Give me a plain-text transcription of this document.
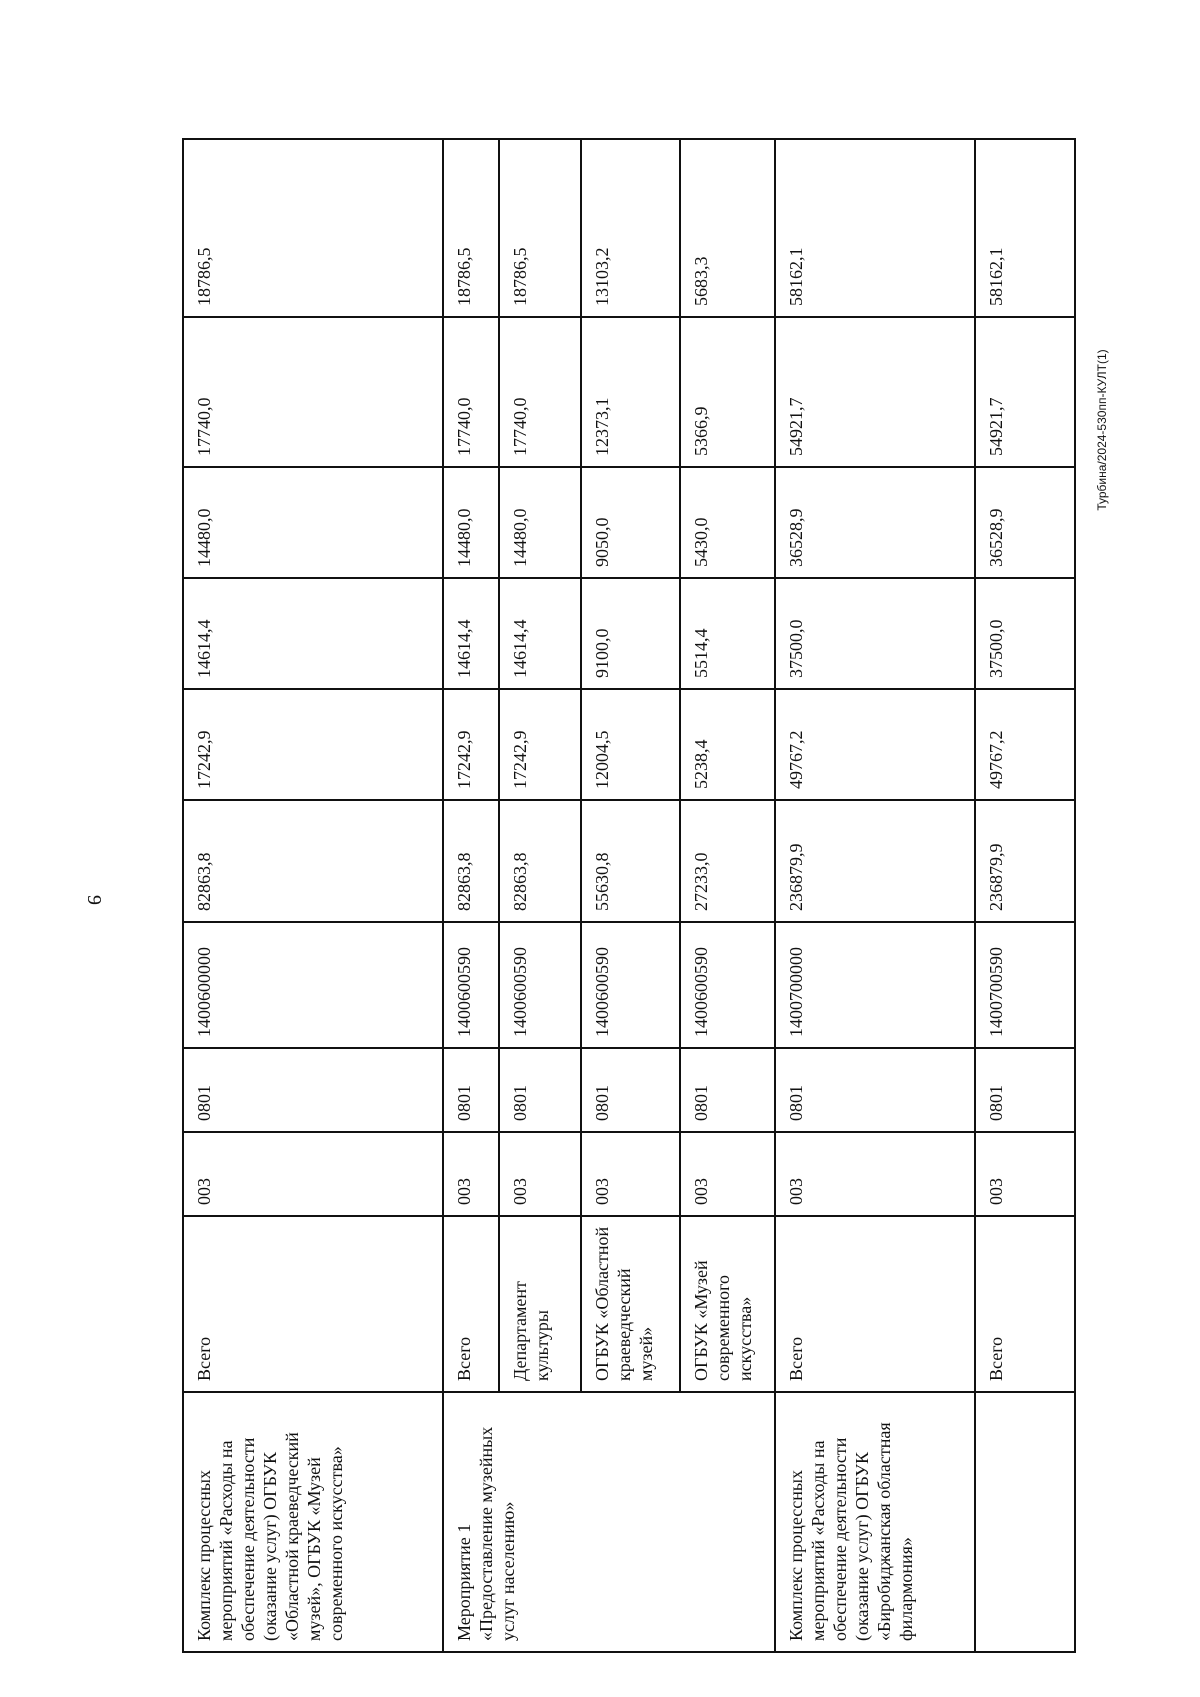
9
Комплекс процессных мероприятий «Расходы на обеспечение деятельности (оказание услуг) ОГБУК «Областной краеведческий музей», ОГБУК «Музей современного искусства»	Всего	003	0801	1400600000	82863,8	17242,9	14614,4	14480,0	17740,0	18786,5
Мероприятие 1 «Предоставление музейных услуг населению»	Всего	003	0801	1400600590	82863,8	17242,9	14614,4	14480,0	17740,0	18786,5
	Департамент культуры	003	0801	1400600590	82863,8	17242,9	14614,4	14480,0	17740,0	18786,5
	ОГБУК «Областной краеведческий музей»	003	0801	1400600590	55630,8	12004,5	9100,0	9050,0	12373,1	13103,2
	ОГБУК «Музей современного искусства»	003	0801	1400600590	27233,0	5238,4	5514,4	5430,0	5366,9	5683,3
Комплекс процессных мероприятий «Расходы на обеспечение деятельности (оказание услуг) ОГБУК «Биробиджанская областная филармония»	Всего	003	0801	1400700000	236879,9	49767,2	37500,0	36528,9	54921,7	58162,1
	Всего	003	0801	1400700590	236879,9	49767,2	37500,0	36528,9	54921,7	58162,1
Турбина/2024-530пп-КУЛТ(1)
